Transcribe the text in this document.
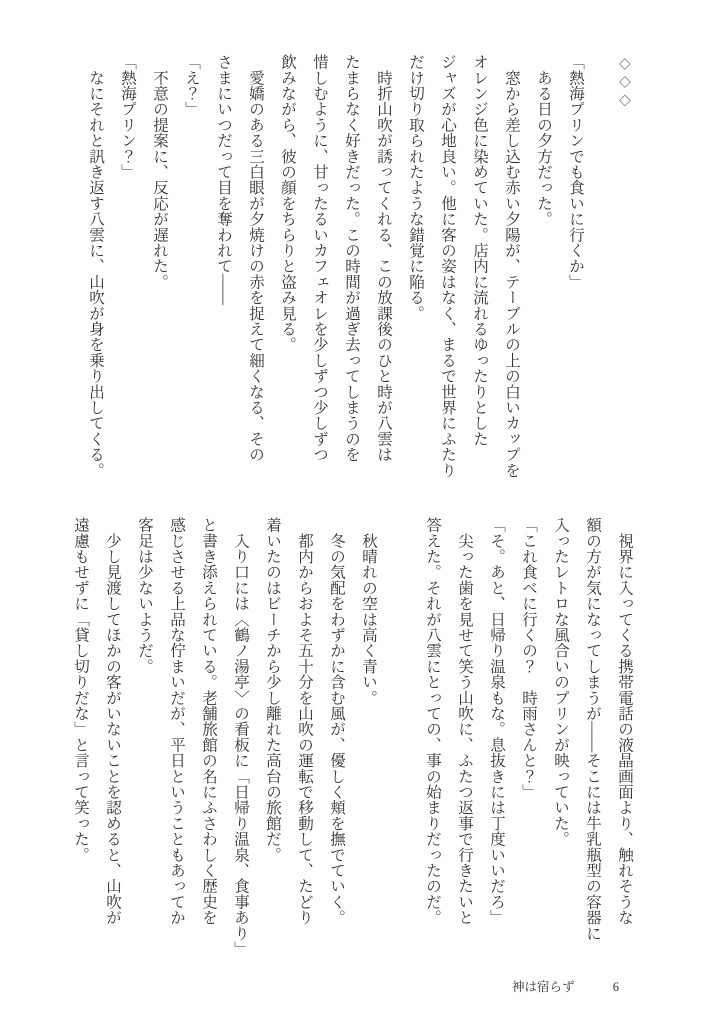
◇◇◇

「熱海プリンでも食いに行くか」

　ある日の夕方だった。

　窓から差し込む赤い夕陽が、テーブルの上の白いカップを

オレンジ色に染めていた。店内に流れるゆったりとした

ジャズが心地良い。他に客の姿はなく、まるで世界にふたり

だけ切り取られたような錯覚に陥る。

　時折山吹が誘ってくれる、この放課後のひと時が八雲は

たまらなく好きだった。この時間が過ぎ去ってしまうのを

惜しむように、甘ったるいカフェオレを少しずつ少しずつ

飲みながら、彼の顔をちらりと盗み見る。

　愛嬌のある三白眼が夕焼けの赤を捉えて細くなる、その

さまにいつだって目を奪われて――

「え？」

　不意の提案に、反応が遅れた。

「熱海プリン？」

　なにそれと訊き返す八雲に、山吹が身を乗り出してくる。

　視界に入ってくる携帯電話の液晶画面より、触れそうな

額の方が気になってしまうが――そこには牛乳瓶型の容器に

入ったレトロな風合いのプリンが映っていた。

「これ食べに行くの？　時雨さんと？」

「そ。あと、日帰り温泉もな。息抜きには丁度いいだろ」

　尖った歯を見せて笑う山吹に、ふたつ返事で行きたいと

答えた。それが八雲にとっての、事の始まりだったのだ。

　秋晴れの空は高く青い。

　冬の気配をわずかに含む風が、優しく頬を撫でていく。

　都内からおよそ五十分を山吹の運転で移動して、たどり

着いたのはビーチから少し離れた高台の旅館だ。

　入り口には〈鶴ノ湯亭〉の看板に「日帰り温泉、食事あり」

と書き添えられている。老舗旅館の名にふさわしく歴史を

感じさせる上品な佇まいだが、平日ということもあってか

客足は少ないようだ。

　少し見渡してほかの客がいないことを認めると、山吹が

遠慮もせずに「貸し切りだな」と言って笑った。

神は宿らず	6
